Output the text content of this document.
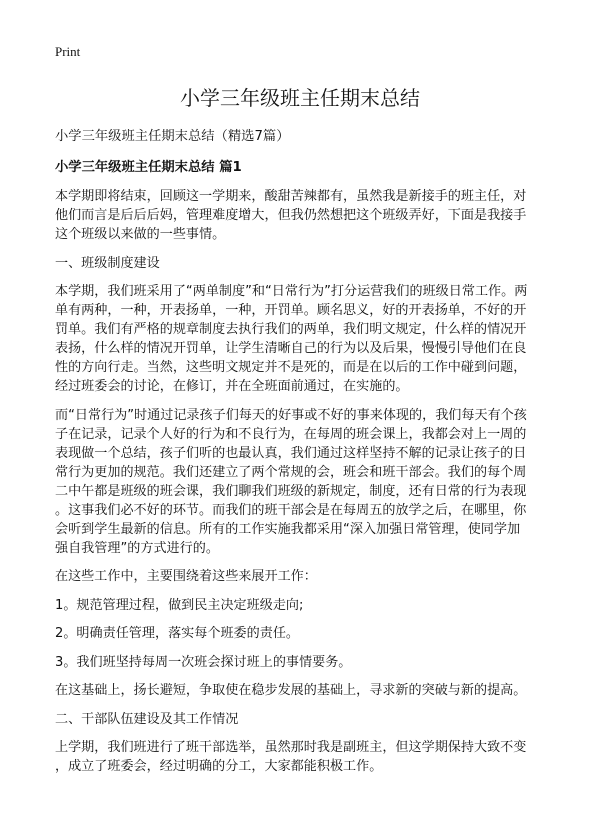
Print
小学三年级班主任期末总结
小学三年级班主任期末总结（精选7篇）
小学三年级班主任期末总结 篇1
本学期即将结束，回顾这一学期来，酸甜苦辣都有，虽然我是新接手的班主任，对
他们而言是后后后妈，管理难度增大，但我仍然想把这个班级弄好，下面是我接手
这个班级以来做的一些事情。
一、班级制度建设
本学期，我们班采用了“两单制度”和“日常行为”打分运营我们的班级日常工作。两
单有两种，一种，开表扬单，一种，开罚单。顾名思义，好的开表扬单，不好的开
罚单。我们有严格的规章制度去执行我们的两单，我们明文规定，什么样的情况开
表扬，什么样的情况开罚单，让学生清晰自己的行为以及后果，慢慢引导他们在良
性的方向行走。当然，这些明文规定并不是死的，而是在以后的工作中碰到问题，
经过班委会的讨论，在修订，并在全班面前通过，在实施的。
而“日常行为”时通过记录孩子们每天的好事或不好的事来体现的，我们每天有个孩
子在记录，记录个人好的行为和不良行为，在每周的班会课上，我都会对上一周的
表现做一个总结，孩子们听的也最认真，我们通过这样坚持不解的记录让孩子的日
常行为更加的规范。我们还建立了两个常规的会，班会和班干部会。我们的每个周
二中午都是班级的班会课，我们聊我们班级的新规定，制度，还有日常的行为表现
。这事我们必不好的环节。而我们的班干部会是在每周五的放学之后，在哪里，你
会听到学生最新的信息。所有的工作实施我都采用“深入加强日常管理，使同学加
强自我管理”的方式进行的。
在这些工作中，主要围绕着这些来展开工作：
1。规范管理过程，做到民主决定班级走向;
2。明确责任管理，落实每个班委的责任。
3。我们班坚持每周一次班会探讨班上的事情要务。
在这基础上，扬长避短，争取使在稳步发展的基础上，寻求新的突破与新的提高。
二、干部队伍建设及其工作情况
上学期，我们班进行了班干部选举，虽然那时我是副班主，但这学期保持大致不变
，成立了班委会，经过明确的分工，大家都能积极工作。
